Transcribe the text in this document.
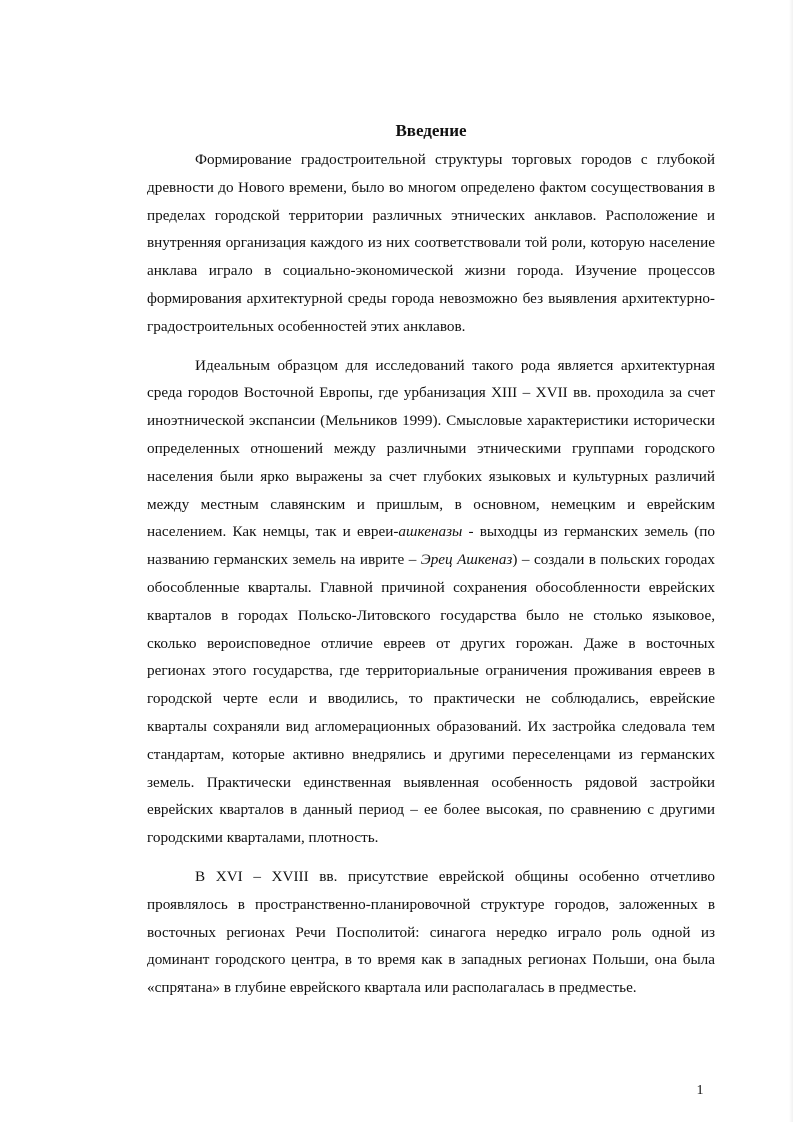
Введение

Формирование градостроительной структуры торговых городов с глубокой древности до Нового времени, было во многом определено фактом сосуществования в пределах городской территории различных этнических анклавов. Расположение и внутренняя организация каждого из них соответствовали той роли, которую население анклава играло в социально-экономической жизни города. Изучение процессов формирования архитектурной среды города невозможно без выявления архитектурно-градостроительных особенностей этих анклавов.

Идеальным образцом для исследований такого рода является архитектурная среда городов Восточной Европы, где урбанизация XIII – XVII вв. проходила за счет иноэтнической экспансии (Мельников 1999). Смысловые характеристики исторически определенных отношений между различными этническими группами городского населения были ярко выражены за счет глубоких языковых и культурных различий между местным славянским и пришлым, в основном, немецким и еврейским населением. Как немцы, так и евреи-ашкеназы - выходцы из германских земель (по названию германских земель на иврите – Эрец Ашкеназ) – создали в польских городах обособленные кварталы. Главной причиной сохранения обособленности еврейских кварталов в городах Польско-Литовского государства было не столько языковое, сколько вероисповедное отличие евреев от других горожан. Даже в восточных регионах этого государства, где территориальные ограничения проживания евреев в городской черте если и вводились, то практически не соблюдались, еврейские кварталы сохраняли вид агломерационных образований. Их застройка следовала тем стандартам, которые активно внедрялись и другими переселенцами из германских земель. Практически единственная выявленная особенность рядовой застройки еврейских кварталов в данный период – ее более высокая, по сравнению с другими городскими кварталами, плотность.

В XVI – XVIII вв. присутствие еврейской общины особенно отчетливо проявлялось в пространственно-планировочной структуре городов, заложенных в восточных регионах Речи Посполитой: синагога нередко играло роль одной из доминант городского центра, в то время как в западных регионах Польши, она была «спрятана» в глубине еврейского квартала или располагалась в предместье.

1
